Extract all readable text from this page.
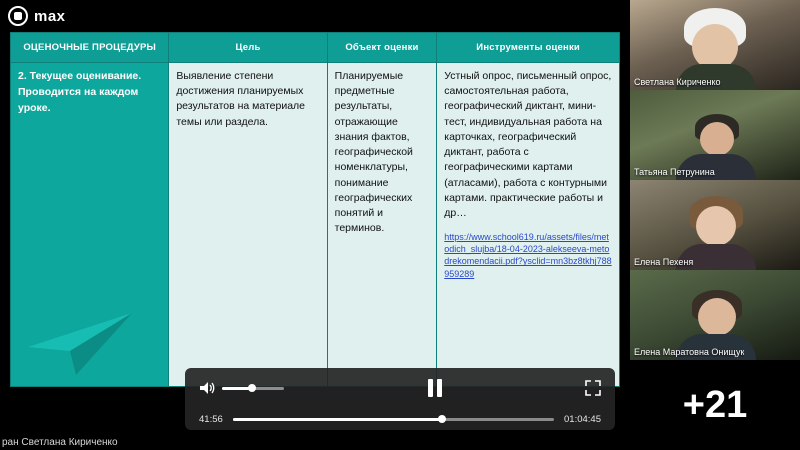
max
ОЦЕНОЧНЫЕ ПРОЦЕДУРЫ	Цель	Объект оценки	Инструменты оценки
2. Текущее оценивание. Проводится на каждом уроке.	Выявление степени достижения планируемых результатов на материале темы или раздела.	Планируемые предметные результаты, отражающие знания фактов, географической номенклатуры, понимание географических понятий и терминов.	Устный опрос, письменный опрос, самостоятельная работа, географический диктант, мини-тест, индивидуальная работа на карточках, географический диктант, работа с географическими картами (атласами), работа с контурными картами. практические работы и др…
https://www.school619.ru/assets/files/metodich_slujba/18-04-2023-alekseeva-metodrekomendacii.pdf?ysclid=mn3bz8tkhj788959289
41:56	01:04:45
ран Светлана Кириченко
Светлана Кириченко
Татьяна Петрунина
Елена Пехеня
Елена Маратовна Онищук
+21
